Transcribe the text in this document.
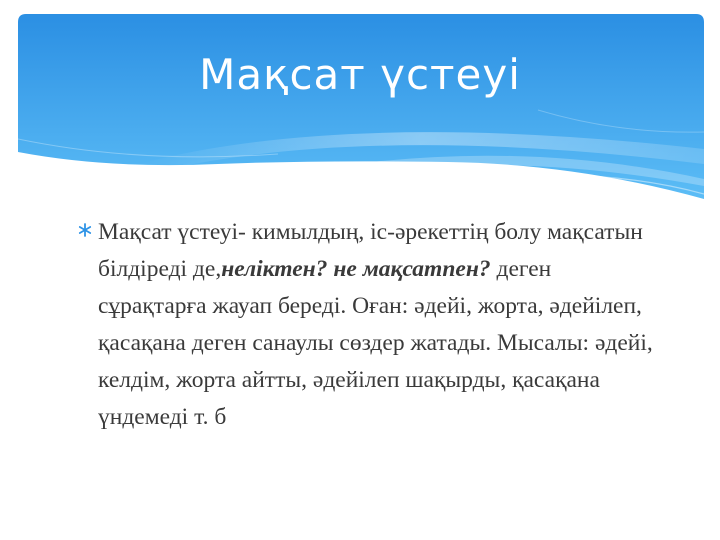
Мақсат үстеуі
Мақсат үстеуі- кимылдың, іс-әрекеттің болу мақсатын білдіреді де,неліктен? не мақсатпен? деген сұрақтарға жауап береді. Оған: әдейі, жорта, әдейілеп, қасақана деген санаулы сөздер жатады. Мысалы: әдейі, келдім, жорта айтты, әдейілеп шақырды, қасақана үндемеді т. б
